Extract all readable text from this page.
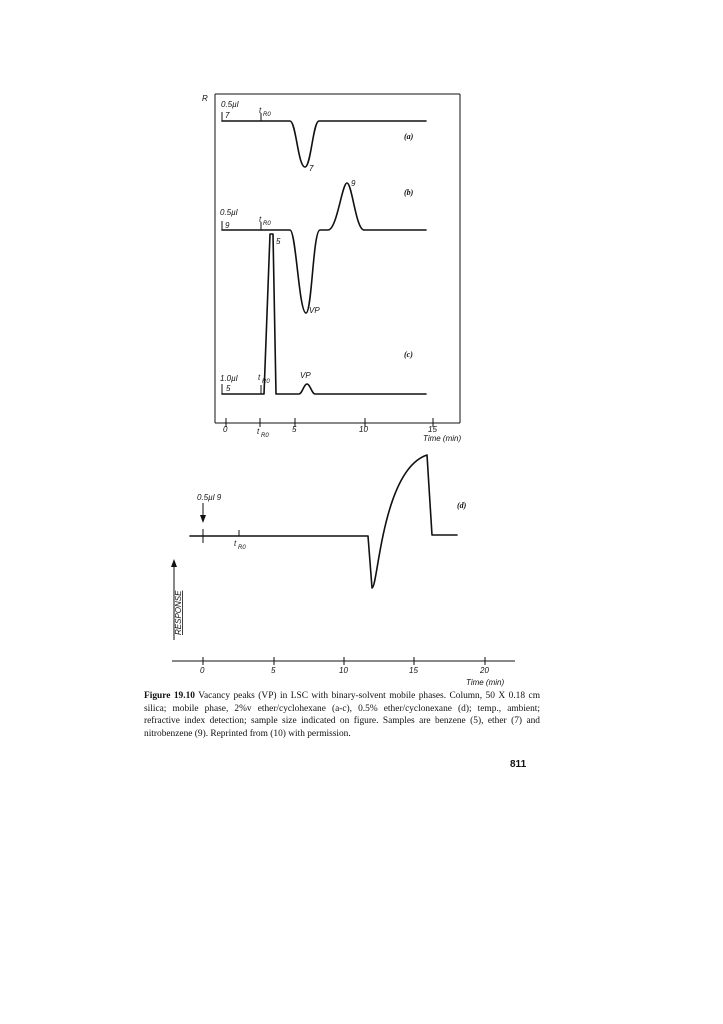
R
0	5	10	15
t R0	Time (min)
0.5µl
7
t R0
7
(a)
0.5µl
9
t R0
VP
9
(b)
1.0µl
5
t R0
5
VP
(c)
RESPONSE
0.5µl 9
t R0
(d)
0	5	10	15	20
Time (min)
Figure 19.10 Vacancy peaks (VP) in LSC with binary-solvent mobile phases. Column, 50 X 0.18 cm silica; mobile phase, 2%v ether/cyclohexane (a-c), 0.5% ether/cyclonexane (d); temp., ambient; refractive index detection; sample size indicated on figure. Samples are benzene (5), ether (7) and nitrobenzene (9). Reprinted from (10) with permission.
811
